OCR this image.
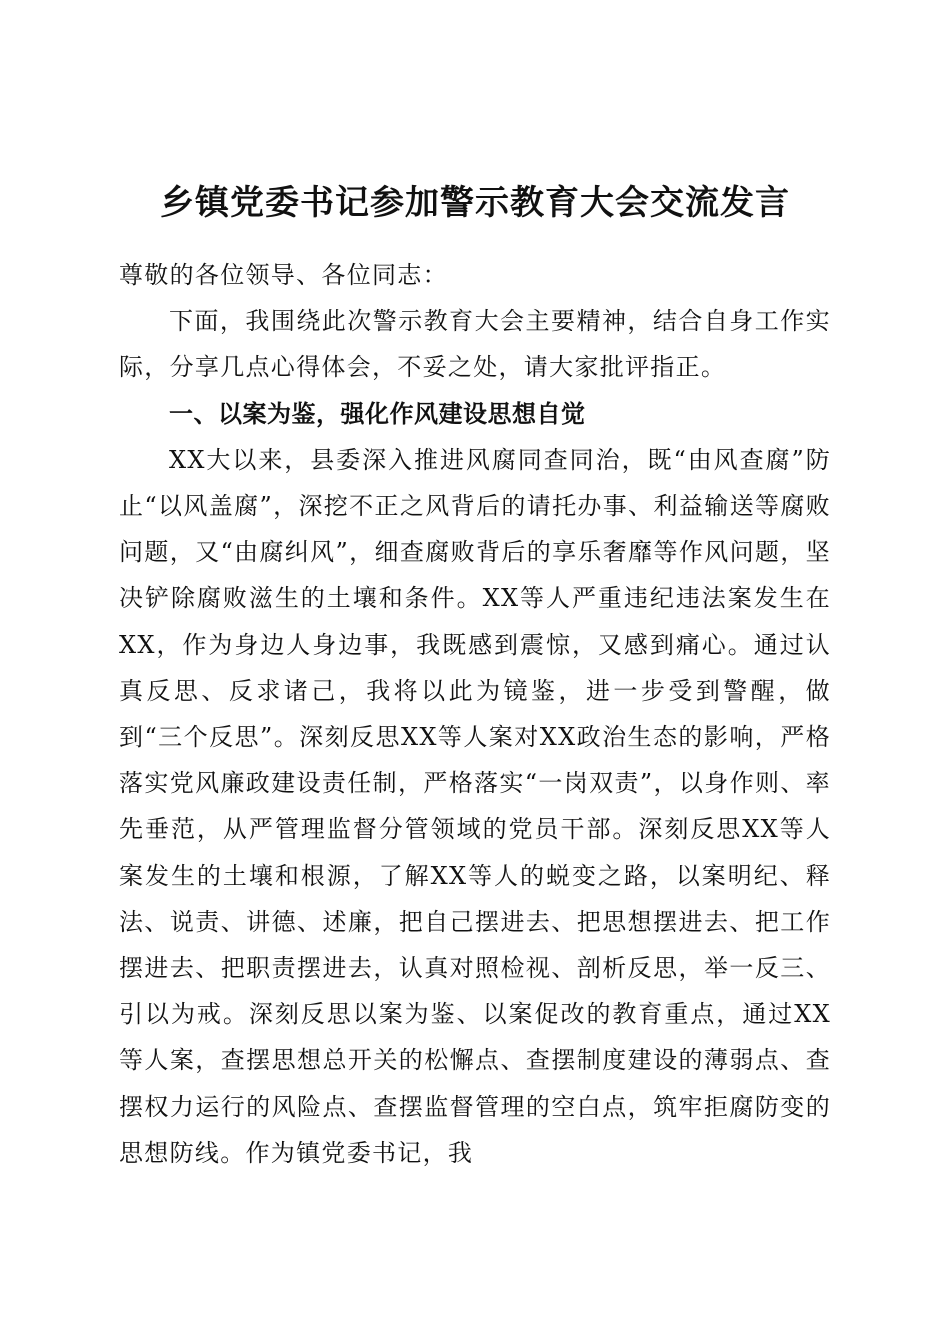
乡镇党委书记参加警示教育大会交流发言

尊敬的各位领导、各位同志：

下面，我围绕此次警示教育大会主要精神，结合自身工作实际，分享几点心得体会，不妥之处，请大家批评指正。

一、以案为鉴，强化作风建设思想自觉

XX大以来，县委深入推进风腐同查同治，既“由风查腐”防止“以风盖腐”，深挖不正之风背后的请托办事、利益输送等腐败问题，又“由腐纠风”，细查腐败背后的享乐奢靡等作风问题，坚决铲除腐败滋生的土壤和条件。XX等人严重违纪违法案发生在XX，作为身边人身边事，我既感到震惊，又感到痛心。通过认真反思、反求诸己，我将以此为镜鉴，进一步受到警醒，做到“三个反思”。深刻反思XX等人案对XX政治生态的影响，严格落实党风廉政建设责任制，严格落实“一岗双责”，以身作则、率先垂范，从严管理监督分管领域的党员干部。深刻反思XX等人案发生的土壤和根源，了解XX等人的蜕变之路，以案明纪、释法、说责、讲德、述廉，把自己摆进去、把思想摆进去、把工作摆进去、把职责摆进去，认真对照检视、剖析反思，举一反三、引以为戒。深刻反思以案为鉴、以案促改的教育重点，通过XX等人案，查摆思想总开关的松懈点、查摆制度建设的薄弱点、查摆权力运行的风险点、查摆监督管理的空白点，筑牢拒腐防变的思想防线。作为镇党委书记，我
